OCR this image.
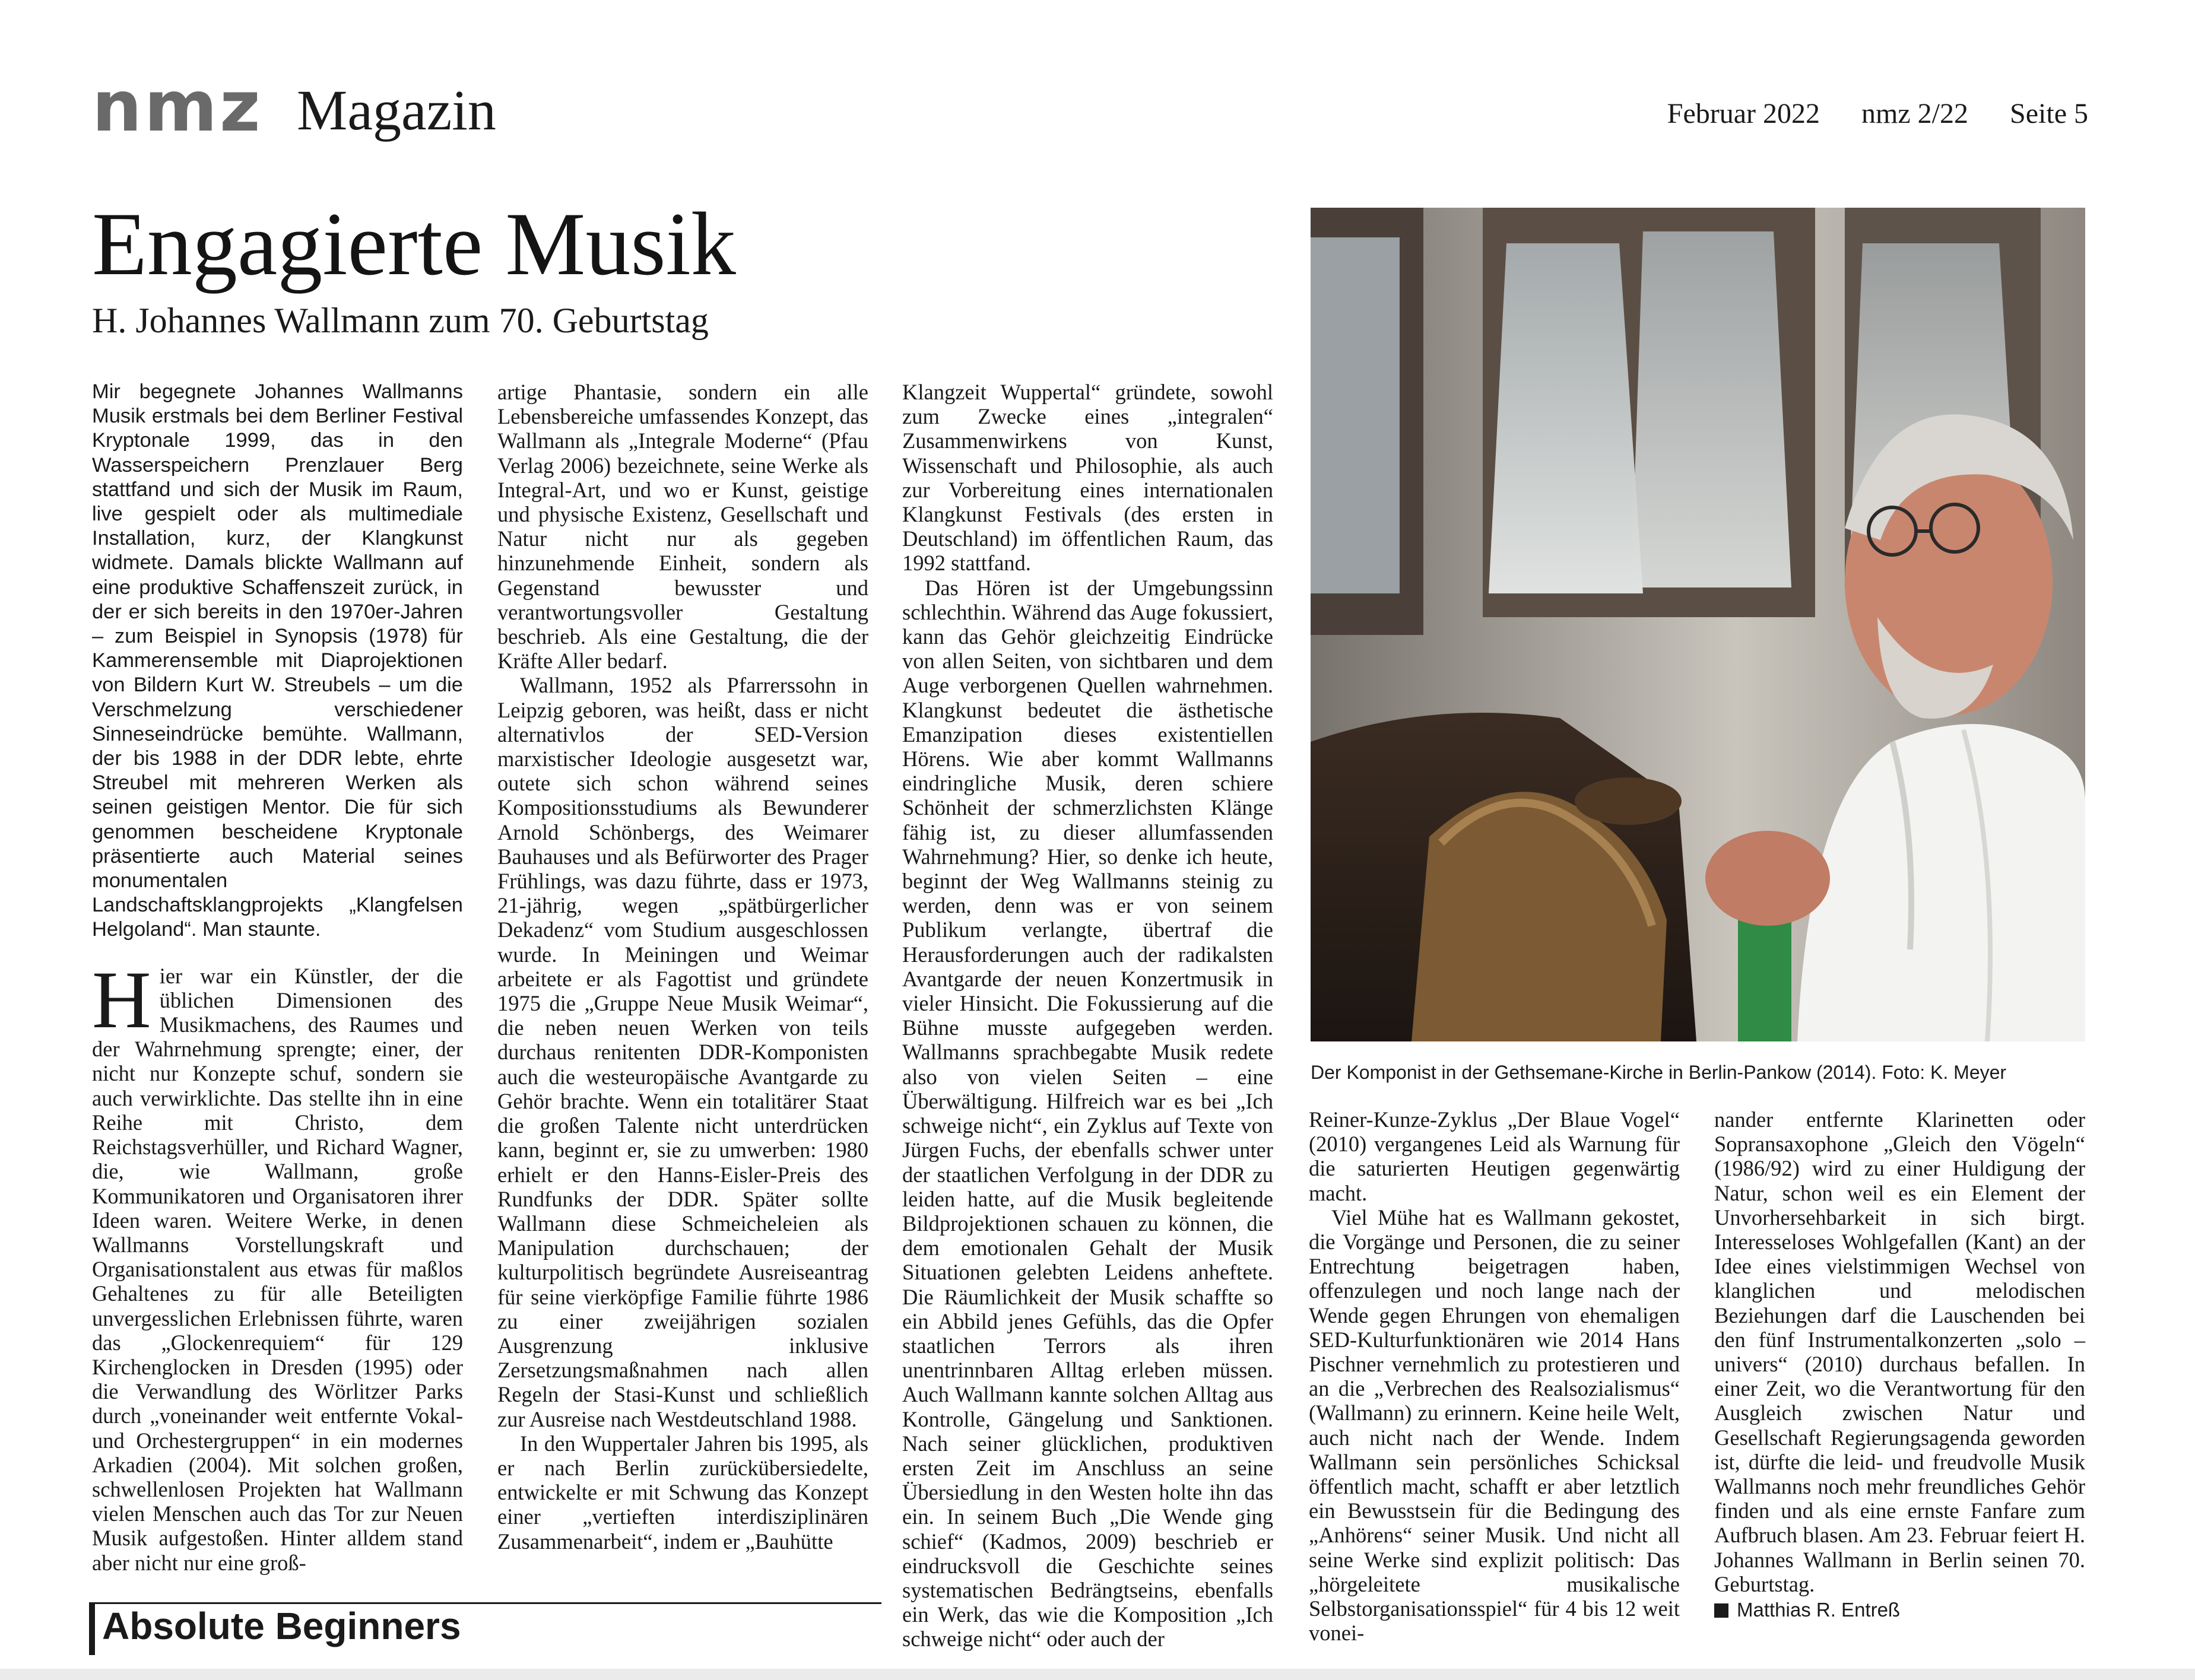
nmz Magazin	Februar 2022 nmz 2/22 Seite 5
Engagierte Musik
H. Johannes Wallmann zum 70. Geburtstag

Mir begegnete Johannes Wallmanns Musik erstmals bei dem Berliner Festival Kryptonale 1999, das in den Wasserspeichern Prenzlauer Berg stattfand und sich der Musik im Raum, live gespielt oder als multimediale Installation, kurz, der Klangkunst widmete. Damals blickte Wallmann auf eine produktive Schaffenszeit zurück, in der er sich bereits in den 1970er-Jahren – zum Beispiel in Synopsis (1978) für Kammerensemble mit Diaprojektionen von Bildern Kurt W. Streubels – um die Verschmelzung verschiedener Sinneseindrücke bemühte. Wallmann, der bis 1988 in der DDR lebte, ehrte Streubel mit mehreren Werken als seinen geistigen Mentor. Die für sich genommen bescheidene Kryptonale präsentierte auch Material seines monumentalen Landschaftsklangprojekts „Klangfelsen Helgoland“. Man staunte.

Hier war ein Künstler, der die üblichen Dimensionen des Musikmachens, des Raumes und der Wahrnehmung sprengte; einer, der nicht nur Konzepte schuf, sondern sie auch verwirklichte. Das stellte ihn in eine Reihe mit Christo, dem Reichstagsverhüller, und Richard Wagner, die, wie Wallmann, große Kommunikatoren und Organisatoren ihrer Ideen waren. Weitere Werke, in denen Wallmanns Vorstellungskraft und Organisationstalent aus etwas für maßlos Gehaltenes zu für alle Beteiligten unvergesslichen Erlebnissen führte, waren das „Glockenrequiem“ für 129 Kirchenglocken in Dresden (1995) oder die Verwandlung des Wörlitzer Parks durch „voneinander weit entfernte Vokal- und Orchestergruppen“ in ein modernes Arkadien (2004). Mit solchen großen, schwellenlosen Projekten hat Wallmann vielen Menschen auch das Tor zur Neuen Musik aufgestoßen. Hinter alldem stand aber nicht nur eine groß-

artige Phantasie, sondern ein alle Lebensbereiche umfassendes Konzept, das Wallmann als „Integrale Moderne“ (Pfau Verlag 2006) bezeichnete, seine Werke als Integral-Art, und wo er Kunst, geistige und physische Existenz, Gesellschaft und Natur nicht nur als gegeben hinzunehmende Einheit, sondern als Gegenstand bewusster und verantwortungsvoller Gestaltung beschrieb. Als eine Gestaltung, die der Kräfte Aller bedarf.

Wallmann, 1952 als Pfarrerssohn in Leipzig geboren, was heißt, dass er nicht alternativlos der SED-Version marxistischer Ideologie ausgesetzt war, outete sich schon während seines Kompositionsstudiums als Bewunderer Arnold Schönbergs, des Weimarer Bauhauses und als Befürworter des Prager Frühlings, was dazu führte, dass er 1973, 21-jährig, wegen „spätbürgerlicher Dekadenz“ vom Studium ausgeschlossen wurde. In Meiningen und Weimar arbeitete er als Fagottist und gründete 1975 die „Gruppe Neue Musik Weimar“, die neben neuen Werken von teils durchaus renitenten DDR-Komponisten auch die westeuropäische Avantgarde zu Gehör brachte. Wenn ein totalitärer Staat die großen Talente nicht unterdrücken kann, beginnt er, sie zu umwerben: 1980 erhielt er den Hanns-Eisler-Preis des Rundfunks der DDR. Später sollte Wallmann diese Schmeicheleien als Manipulation durchschauen; der kulturpolitisch begründete Ausreiseantrag für seine vierköpfige Familie führte 1986 zu einer zweijährigen sozialen Ausgrenzung inklusive Zersetzungsmaßnahmen nach allen Regeln der Stasi-Kunst und schließlich zur Ausreise nach Westdeutschland 1988.

In den Wuppertaler Jahren bis 1995, als er nach Berlin zurückübersiedelte, entwickelte er mit Schwung das Konzept einer „vertieften interdisziplinären Zusammenarbeit“, indem er „Bauhütte

Klangzeit Wuppertal“ gründete, sowohl zum Zwecke eines „integralen“ Zusammenwirkens von Kunst, Wissenschaft und Philosophie, als auch zur Vorbereitung eines internationalen Klangkunst Festivals (des ersten in Deutschland) im öffentlichen Raum, das 1992 stattfand.

Das Hören ist der Umgebungssinn schlechthin. Während das Auge fokussiert, kann das Gehör gleichzeitig Eindrücke von allen Seiten, von sichtbaren und dem Auge verborgenen Quellen wahrnehmen. Klangkunst bedeutet die ästhetische Emanzipation dieses existentiellen Hörens. Wie aber kommt Wallmanns eindringliche Musik, deren schiere Schönheit der schmerzlichsten Klänge fähig ist, zu dieser allumfassenden Wahrnehmung? Hier, so denke ich heute, beginnt der Weg Wallmanns steinig zu werden, denn was er von seinem Publikum verlangte, übertraf die Herausforderungen auch der radikalsten Avantgarde der neuen Konzertmusik in vieler Hinsicht. Die Fokussierung auf die Bühne musste aufgegeben werden. Wallmanns sprachbegabte Musik redete also von vielen Seiten – eine Überwältigung. Hilfreich war es bei „Ich schweige nicht“, ein Zyklus auf Texte von Jürgen Fuchs, der ebenfalls schwer unter der staatlichen Verfolgung in der DDR zu leiden hatte, auf die Musik begleitende Bildprojektionen schauen zu können, die dem emotionalen Gehalt der Musik Situationen gelebten Leidens anheftete. Die Räumlichkeit der Musik schaffte so ein Abbild jenes Gefühls, das die Opfer staatlichen Terrors als ihren unentrinnbaren Alltag erleben müssen. Auch Wallmann kannte solchen Alltag aus Kontrolle, Gängelung und Sanktionen. Nach seiner glücklichen, produktiven ersten Zeit im Anschluss an seine Übersiedlung in den Westen holte ihn das ein. In seinem Buch „Die Wende ging schief“ (Kadmos, 2009) beschrieb er eindrucksvoll die Geschichte seines systematischen Bedrängtseins, ebenfalls ein Werk, das wie die Komposition „Ich schweige nicht“ oder auch der

Der Komponist in der Gethsemane-Kirche in Berlin-Pankow (2014). Foto: K. Meyer

Reiner-Kunze-Zyklus „Der Blaue Vogel“ (2010) vergangenes Leid als Warnung für die saturierten Heutigen gegenwärtig macht.

Viel Mühe hat es Wallmann gekostet, die Vorgänge und Personen, die zu seiner Entrechtung beigetragen haben, offenzulegen und noch lange nach der Wende gegen Ehrungen von ehemaligen SED-Kulturfunktionären wie 2014 Hans Pischner vernehmlich zu protestieren und an die „Verbrechen des Realsozialismus“ (Wallmann) zu erinnern. Keine heile Welt, auch nicht nach der Wende. Indem Wallmann sein persönliches Schicksal öffentlich macht, schafft er aber letztlich ein Bewusstsein für die Bedingung des „Anhörens“ seiner Musik. Und nicht all seine Werke sind explizit politisch: Das „hörgeleitete musikalische Selbstorganisationsspiel“ für 4 bis 12 weit vonei-

nander entfernte Klarinetten oder Sopransaxophone „Gleich den Vögeln“ (1986/92) wird zu einer Huldigung der Natur, schon weil es ein Element der Unvorhersehbarkeit in sich birgt. Interesseloses Wohlgefallen (Kant) an der Idee eines vielstimmigen Wechsel von klanglichen und melodischen Beziehungen darf die Lauschenden bei den fünf Instrumentalkonzerten „solo – univers“ (2010) durchaus befallen. In einer Zeit, wo die Verantwortung für den Ausgleich zwischen Natur und Gesellschaft Regierungsagenda geworden ist, dürfte die leid- und freudvolle Musik Wallmanns noch mehr freundliches Gehör finden und als eine ernste Fanfare zum Aufbruch blasen. Am 23. Februar feiert H. Johannes Wallmann in Berlin seinen 70. Geburtstag.

Matthias R. Entreß
Absolute Beginners
